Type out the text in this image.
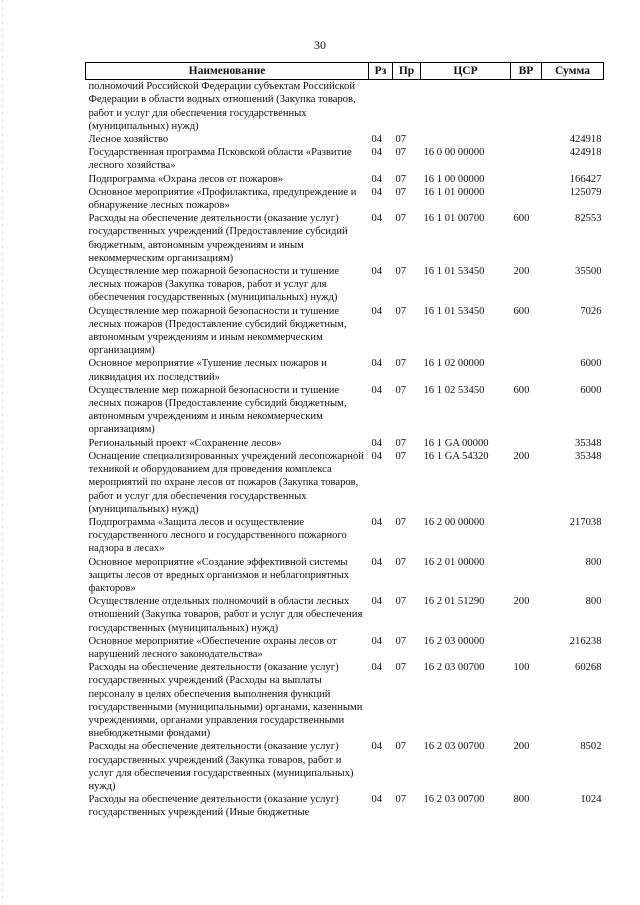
30
Наименование	Рз	Пр	ЦСР	ВР	Сумма
полномочий Российской Федерации субъектам Российской Федерации в области водных отношений (Закупка товаров, работ и услуг для обеспечения государственных (муниципальных) нужд)					
Лесное хозяйство	04	07			424918
Государственная программа Псковской области «Развитие лесного хозяйства»	04	07	16 0 00 00000		424918
Подпрограмма «Охрана лесов от пожаров»	04	07	16 1 00 00000		166427
Основное мероприятие «Профилактика, предупреждение и обнаружение лесных пожаров»	04	07	16 1 01 00000		125079
Расходы на обеспечение деятельности (оказание услуг) государственных учреждений (Предоставление субсидий бюджетным, автономным учреждениям и иным некоммерческим организациям)	04	07	16 1 01 00700	600	82553
Осуществление мер пожарной безопасности и тушение лесных пожаров (Закупка товаров, работ и услуг для обеспечения государственных (муниципальных) нужд)	04	07	16 1 01 53450	200	35500
Осуществление мер пожарной безопасности и тушение лесных пожаров (Предоставление субсидий бюджетным, автономным учреждениям и иным некоммерческим организациям)	04	07	16 1 01 53450	600	7026
Основное мероприятие «Тушение лесных пожаров и ликвидация их последствий»	04	07	16 1 02 00000		6000
Осуществление мер пожарной безопасности и тушение лесных пожаров (Предоставление субсидий бюджетным, автономным учреждениям и иным некоммерческим организациям)	04	07	16 1 02 53450	600	6000
Региональный проект «Сохранение лесов»	04	07	16 1 GA 00000		35348
Оснащение специализированных учреждений лесопожарной техникой и оборудованием для проведения комплекса мероприятий по охране лесов от пожаров (Закупка товаров, работ и услуг для обеспечения государственных (муниципальных) нужд)	04	07	16 1 GA 54320	200	35348
Подпрограмма «Защита лесов и осуществление государственного лесного и государственного пожарного надзора в лесах»	04	07	16 2 00 00000		217038
Основное мероприятие «Создание эффективной системы защиты лесов от вредных организмов и неблагоприятных факторов»	04	07	16 2 01 00000		800
Осуществление отдельных полномочий в области лесных отношений (Закупка товаров, работ и услуг для обеспечения государственных (муниципальных) нужд)	04	07	16 2 01 51290	200	800
Основное мероприятие «Обеспечение охраны лесов от нарушений лесного законодательства»	04	07	16 2 03 00000		216238
Расходы на обеспечение деятельности (оказание услуг) государственных учреждений (Расходы на выплаты персоналу в целях обеспечения выполнения функций государственными (муниципальными) органами, казенными учреждениями, органами управления государственными внебюджетными фондами)	04	07	16 2 03 00700	100	60268
Расходы на обеспечение деятельности (оказание услуг) государственных учреждений (Закупка товаров, работ и услуг для обеспечения государственных (муниципальных) нужд)	04	07	16 2 03 00700	200	8502
Расходы на обеспечение деятельности (оказание услуг) государственных учреждений (Иные бюджетные	04	07	16 2 03 00700	800	1024
